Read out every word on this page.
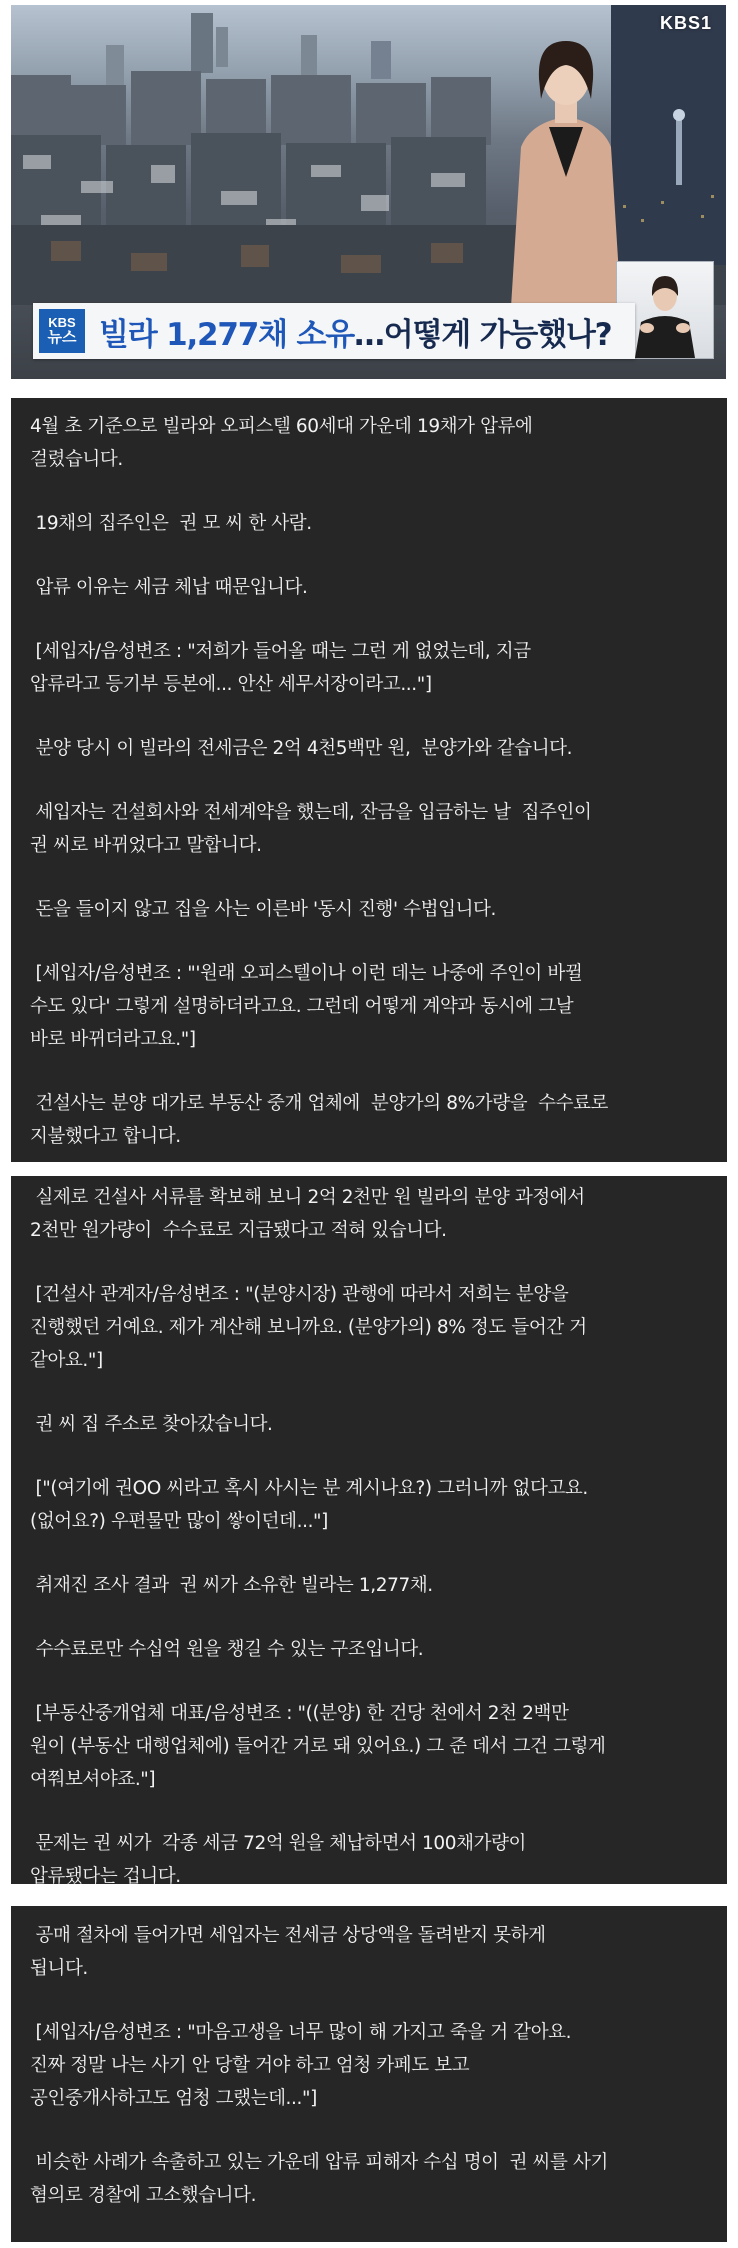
KBS1
KBS
뉴스 빌라 1,277채 소유…어떻게 가능했나?

4월 초 기준으로 빌라와 오피스텔 60세대 가운데 19채가 압류에

걸렸습니다.

19채의 집주인은  권 모 씨 한 사람.

압류 이유는 세금 체납 때문입니다.

[세입자/음성변조 : "저희가 들어올 때는 그런 게 없었는데, 지금

압류라고 등기부 등본에... 안산 세무서장이라고..."]

분양 당시 이 빌라의 전세금은 2억 4천5백만 원,  분양가와 같습니다.

세입자는 건설회사와 전세계약을 했는데, 잔금을 입금하는 날  집주인이

권 씨로 바뀌었다고 말합니다.

돈을 들이지 않고 집을 사는 이른바 '동시 진행' 수법입니다.

[세입자/음성변조 : "'원래 오피스텔이나 이런 데는 나중에 주인이 바뀔

수도 있다' 그렇게 설명하더라고요. 그런데 어떻게 계약과 동시에 그날

바로 바뀌더라고요."]

건설사는 분양 대가로 부동산 중개 업체에  분양가의 8%가량을  수수료로

지불했다고 합니다.

실제로 건설사 서류를 확보해 보니 2억 2천만 원 빌라의 분양 과정에서

2천만 원가량이  수수료로 지급됐다고 적혀 있습니다.

[건설사 관계자/음성변조 : "(분양시장) 관행에 따라서 저희는 분양을

진행했던 거예요. 제가 계산해 보니까요. (분양가의) 8% 정도 들어간 거

같아요."]

권 씨 집 주소로 찾아갔습니다.

["(여기에 권OO 씨라고 혹시 사시는 분 계시나요?) 그러니까 없다고요.

(없어요?) 우편물만 많이 쌓이던데..."]

취재진 조사 결과  권 씨가 소유한 빌라는 1,277채.

수수료로만 수십억 원을 챙길 수 있는 구조입니다.

[부동산중개업체 대표/음성변조 : "((분양) 한 건당 천에서 2천 2백만

원이 (부동산 대행업체에) 들어간 거로 돼 있어요.) 그 준 데서 그건 그렇게

여쭤보셔야죠."]

문제는 권 씨가  각종 세금 72억 원을 체납하면서 100채가량이

압류됐다는 겁니다.

공매 절차에 들어가면 세입자는 전세금 상당액을 돌려받지 못하게

됩니다.

[세입자/음성변조 : "마음고생을 너무 많이 해 가지고 죽을 거 같아요.

진짜 정말 나는 사기 안 당할 거야 하고 엄청 카페도 보고

공인중개사하고도 엄청 그랬는데..."]

비슷한 사례가 속출하고 있는 가운데 압류 피해자 수십 명이  권 씨를 사기

혐의로 경찰에 고소했습니다.
